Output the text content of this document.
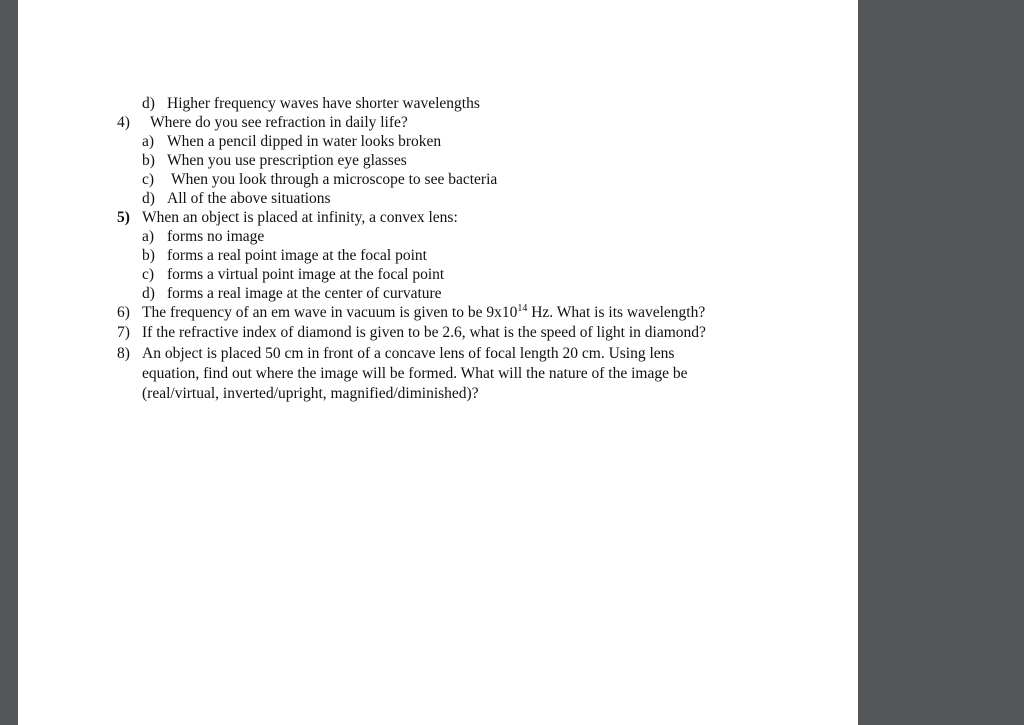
d) Higher frequency waves have shorter wavelengths
4) Where do you see refraction in daily life?
a) When a pencil dipped in water looks broken
b) When you use prescription eye glasses
c) When you look through a microscope to see bacteria
d) All of the above situations
5) When an object is placed at infinity, a convex lens:
a) forms no image
b) forms a real point image at the focal point
c) forms a virtual point image at the focal point
d) forms a real image at the center of curvature
6) The frequency of an em wave in vacuum is given to be $9x10^{14}$ Hz. What is its wavelength?
7) If the refractive index of diamond is given to be 2.6, what is the speed of light in diamond?
8) An object is placed 50 cm in front of a concave lens of focal length 20 cm. Using lens
equation, find out where the image will be formed. What will the nature of the image be
(real/virtual, inverted/upright, magnified/diminished)?
